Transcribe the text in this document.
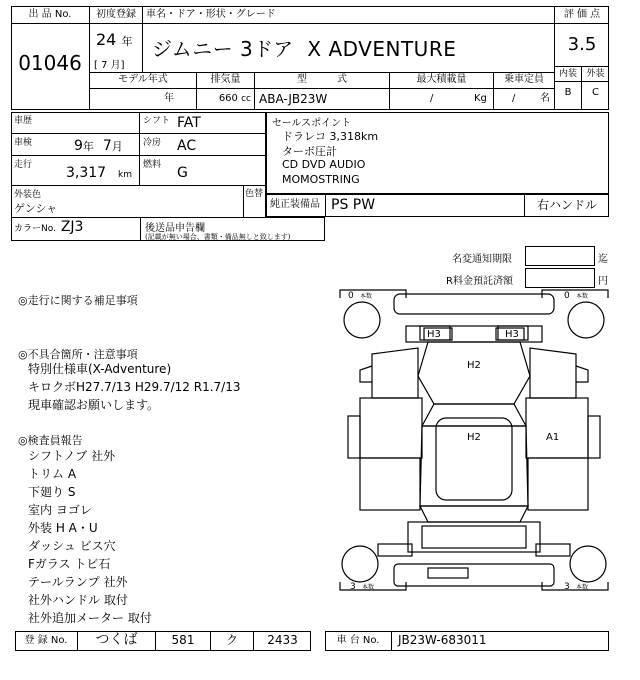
出 品 No.
01046
初度登録	車名・ドア・形状・グレード
24 年
[ 7 月]
ジムニー 3ドア  X ADVENTURE
評 価 点
3.5
内装	外装
B	C
モデル年式	排気量	型　　　式	最大積載量	乗車定員
年	660 cc ABA-JB23W	/	Kg	/ 名
車歴	シフト FAT
車検	9年 7月 冷房 AC
走行 3,317 km
燃料 G
外装色
ゲンシャ
色替
カラーNo. ZJ3	後送品申告欄
(記載が無い場合、書類・備品無しと致します)
セールスポイント
ドラレコ 3,318km
ターボ圧計
CD DVD AUDIO
MOMOSTRING
純正装備品 PS PW	右ハンドル
名変通知期限	迄
R料金預託済額	円
◎走行に関する補足事項
◎不具合箇所・注意事項
特別仕様車(X-Adventure)
キロクボH27.7/13 H29.7/12 R1.7/13
現車確認お願いします。
◎検査員報告
シフトノブ 社外
トリム A
下廻り S
室内 ヨゴレ
外装 H A・U
ダッシュ ビス穴
Fガラス トビ石
テールランプ 社外
社外ハンドル 取付
社外追加メーター 取付
0 本数	0 本数
3 本数	3 本数
H3	H3
H2
H2	A1
登 録 No.	つくば	581	ク	2433	車 台 No.	JB23W-683011
